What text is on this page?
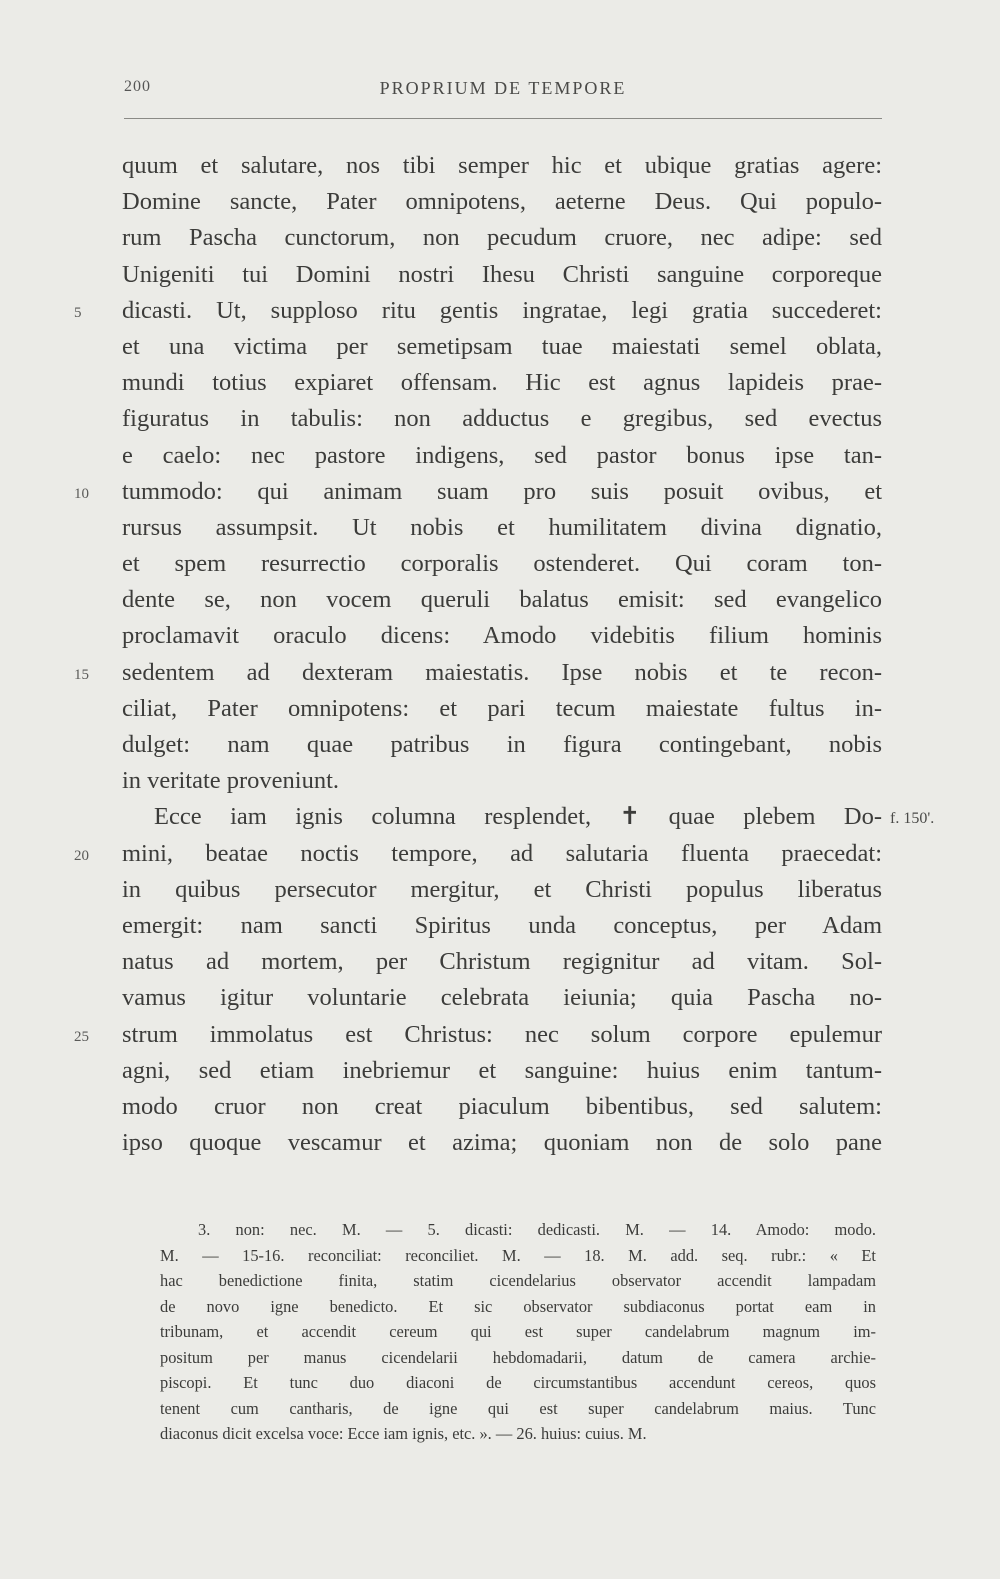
200	PROPRIUM DE TEMPORE
quum et salutare, nos tibi semper hic et ubique gratias agere:
Domine sancte, Pater omnipotens, aeterne Deus. Qui populo-
rum Pascha cunctorum, non pecudum cruore, nec adipe: sed
Unigeniti tui Domini nostri Ihesu Christi sanguine corporeque
dicasti. Ut, supploso ritu gentis ingratae, legi gratia succederet:
5
et una victima per semetipsam tuae maiestati semel oblata,
mundi totius expiaret offensam. Hic est agnus lapideis prae-
figuratus in tabulis: non adductus e gregibus, sed evectus
e caelo: nec pastore indigens, sed pastor bonus ipse tan-
tummodo: qui animam suam pro suis posuit ovibus, et
10
rursus assumpsit. Ut nobis et humilitatem divina dignatio,
et spem resurrectio corporalis ostenderet. Qui coram ton-
dente se, non vocem queruli balatus emisit: sed evangelico
proclamavit oraculo dicens: Amodo videbitis filium hominis
sedentem ad dexteram maiestatis. Ipse nobis et te recon-
15
ciliat, Pater omnipotens: et pari tecum maiestate fultus in-
dulget: nam quae patribus in figura contingebant, nobis
in veritate proveniunt.
Ecce iam ignis columna resplendet, ✝ quae plebem Do- f. 150'.
mini, beatae noctis tempore, ad salutaria fluenta praecedat:
20
in quibus persecutor mergitur, et Christi populus liberatus
emergit: nam sancti Spiritus unda conceptus, per Adam
natus ad mortem, per Christum regignitur ad vitam. Sol-
vamus igitur voluntarie celebrata ieiunia; quia Pascha no-
strum immolatus est Christus: nec solum corpore epulemur
25
agni, sed etiam inebriemur et sanguine: huius enim tantum-
modo cruor non creat piaculum bibentibus, sed salutem:
ipso quoque vescamur et azima; quoniam non de solo pane
3. non: nec. M. — 5. dicasti: dedicasti. M. — 14. Amodo: modo.
M. — 15-16. reconciliat: reconciliet. M. — 18. M. add. seq. rubr.: « Et
hac benedictione finita, statim cicendelarius observator accendit lampadam
de novo igne benedicto. Et sic observator subdiaconus portat eam in
tribunam, et accendit cereum qui est super candelabrum magnum im-
positum per manus cicendelarii hebdomadarii, datum de camera archie-
piscopi. Et tunc duo diaconi de circumstantibus accendunt cereos, quos
tenent cum cantharis, de igne qui est super candelabrum maius. Tunc
diaconus dicit excelsa voce: Ecce iam ignis, etc. ». — 26. huius: cuius. M.
